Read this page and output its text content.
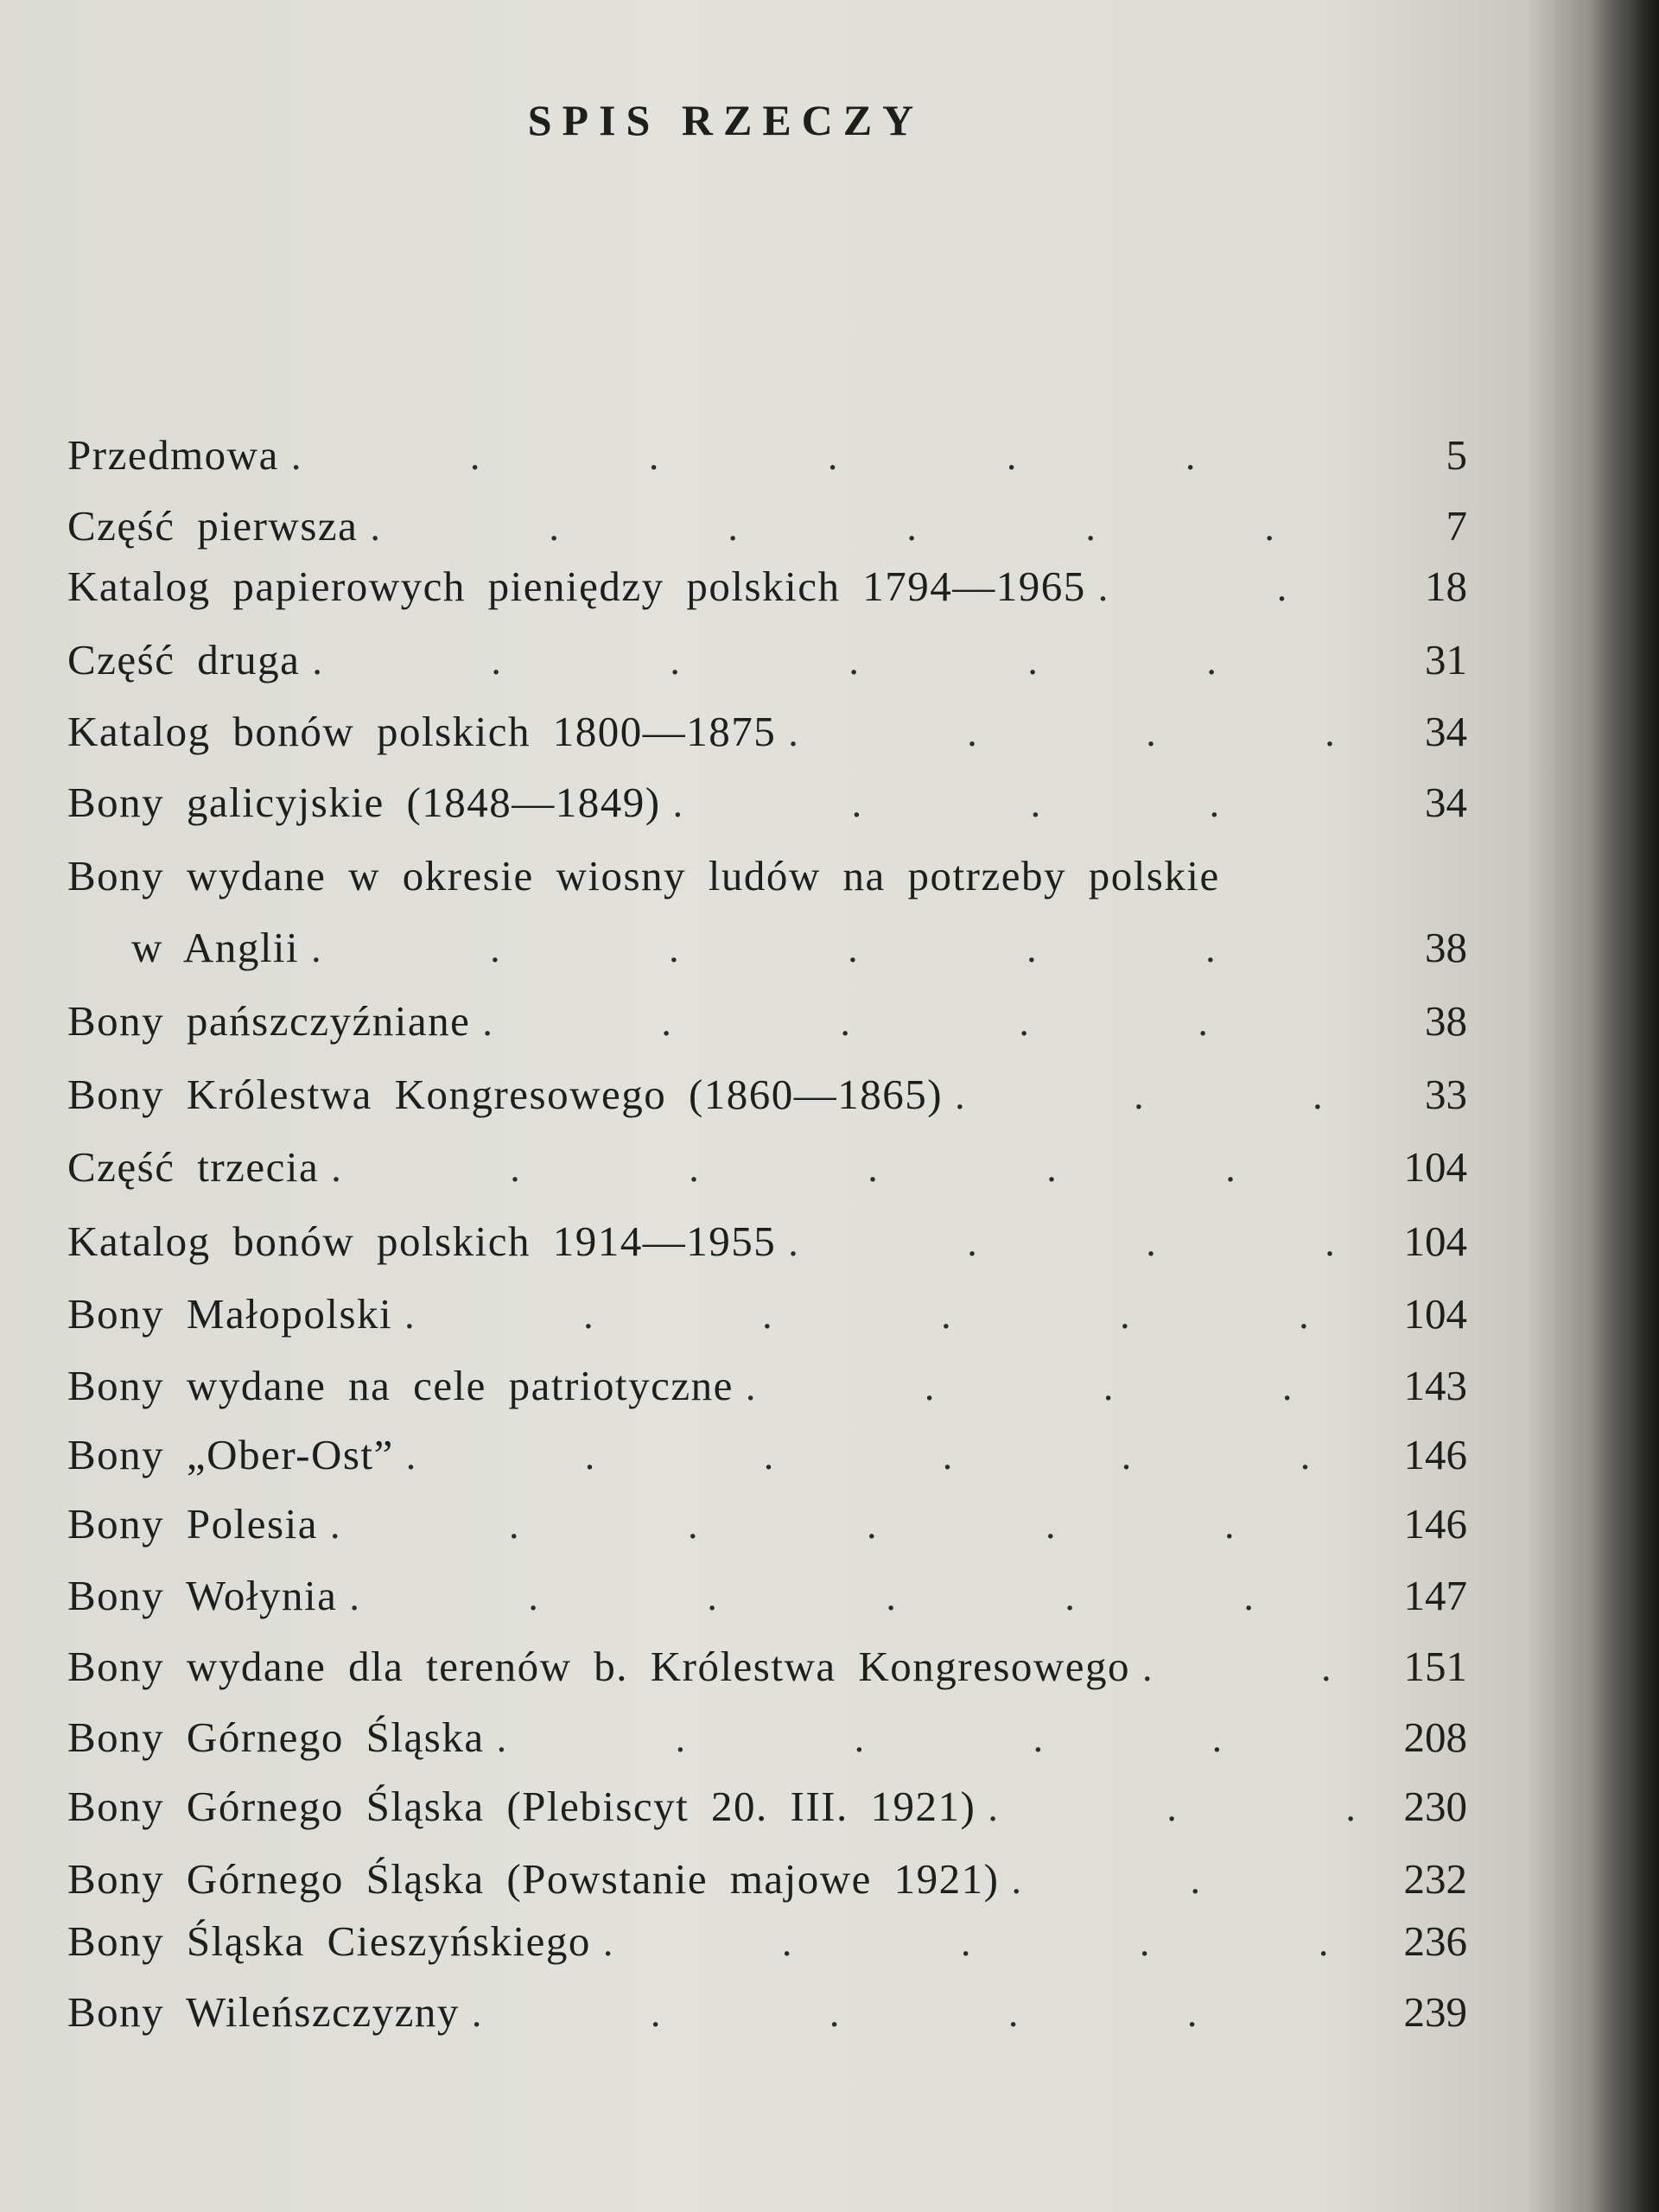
SPIS RZECZY
Przedmowa .	5
Część pierwsza .	7
Katalog papierowych pieniędzy polskich 1794—1965 .	18
Część druga .	31
Katalog bonów polskich 1800—1875 .	34
Bony galicyjskie (1848—1849) .	34
Bony wydane w okresie wiosny ludów na potrzeby polskie
w Anglii .	38
Bony pańszczyźniane .	38
Bony Królestwa Kongresowego (1860—1865) .	33
Część trzecia .	104
Katalog bonów polskich 1914—1955 .	104
Bony Małopolski .	104
Bony wydane na cele patriotyczne .	143
Bony „Ober-Ost” .	146
Bony Polesia .	146
Bony Wołynia .	147
Bony wydane dla terenów b. Królestwa Kongresowego .	151
Bony Górnego Śląska .	208
Bony Górnego Śląska (Plebiscyt 20. III. 1921) .	230
Bony Górnego Śląska (Powstanie majowe 1921) .	232
Bony Śląska Cieszyńskiego .	236
Bony Wileńszczyzny .	239
